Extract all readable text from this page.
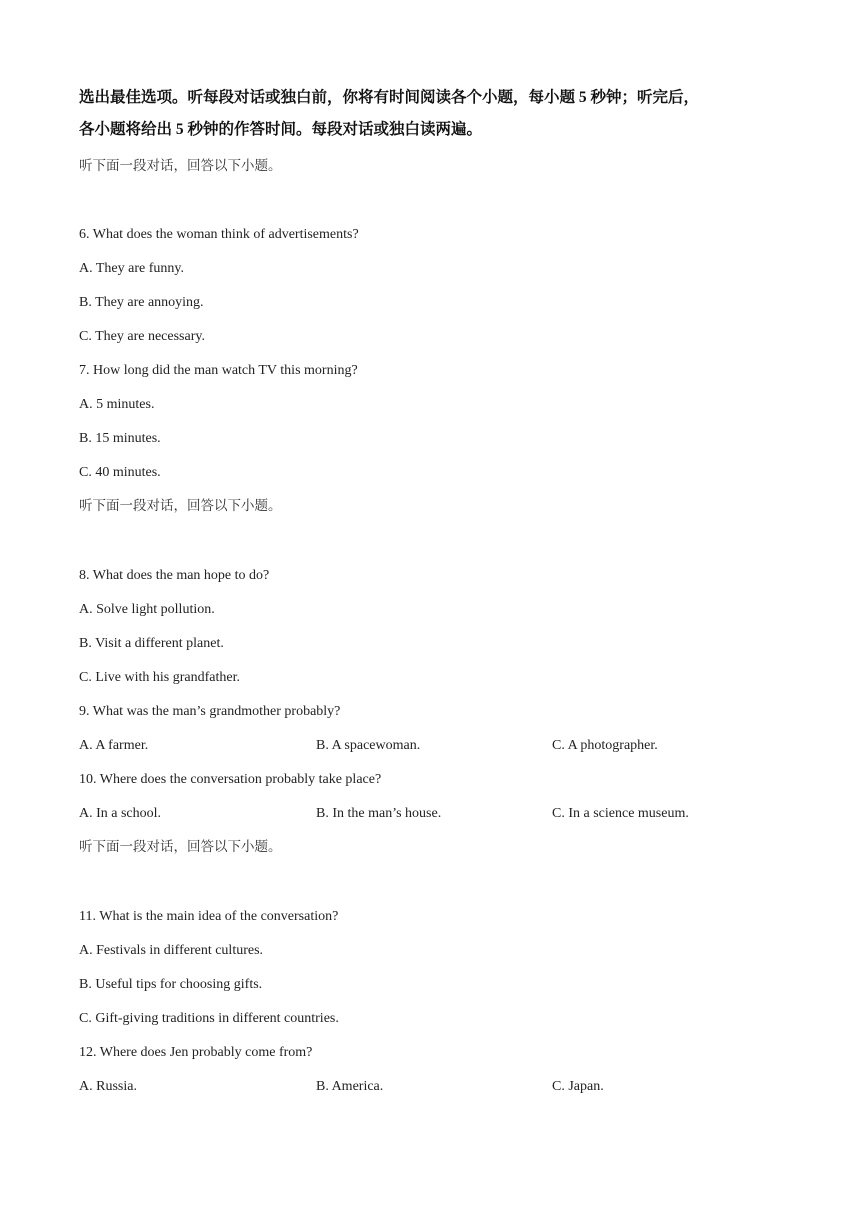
选出最佳选项。听每段对话或独白前，你将有时间阅读各个小题，每小题 5 秒钟；听完后，
各小题将给出 5 秒钟的作答时间。每段对话或独白读两遍。
听下面一段对话，回答以下小题。
6. What does the woman think of advertisements?
A. They are funny.
B. They are annoying.
C. They are necessary.
7. How long did the man watch TV this morning?
A. 5 minutes.
B. 15 minutes.
C. 40 minutes.
听下面一段对话，回答以下小题。
8. What does the man hope to do?
A. Solve light pollution.
B. Visit a different planet.
C. Live with his grandfather.
9. What was the man’s grandmother probably?
A. A farmer.	B. A spacewoman.	C. A photographer.
10. Where does the conversation probably take place?
A. In a school.	B. In the man’s house.	C. In a science museum.
听下面一段对话，回答以下小题。
11. What is the main idea of the conversation?
A. Festivals in different cultures.
B. Useful tips for choosing gifts.
C. Gift-giving traditions in different countries.
12. Where does Jen probably come from?
A. Russia.	B. America.	C. Japan.
